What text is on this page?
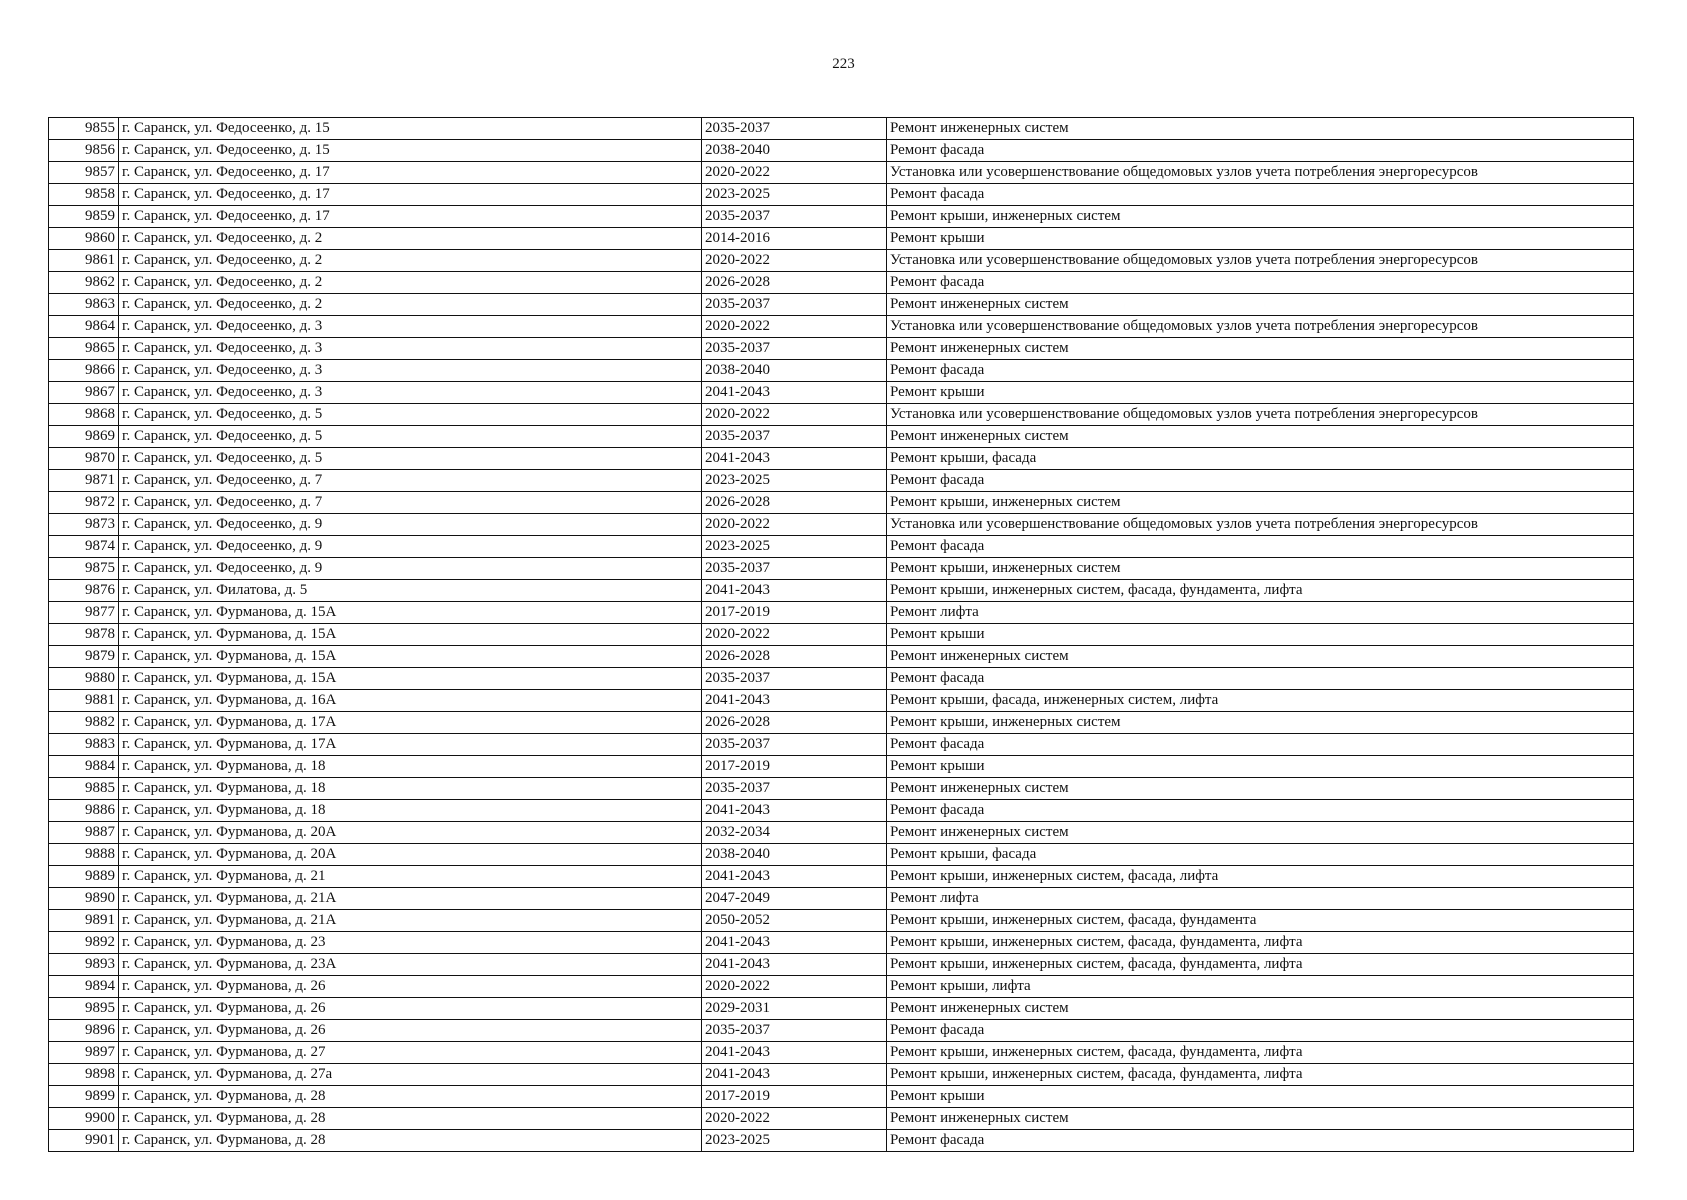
223
9855	г. Саранск, ул. Федосеенко, д. 15	2035-2037	Ремонт инженерных систем
9856	г. Саранск, ул. Федосеенко, д. 15	2038-2040	Ремонт фасада
9857	г. Саранск, ул. Федосеенко, д. 17	2020-2022	Установка или усовершенствование общедомовых узлов учета потребления энергоресурсов
9858	г. Саранск, ул. Федосеенко, д. 17	2023-2025	Ремонт фасада
9859	г. Саранск, ул. Федосеенко, д. 17	2035-2037	Ремонт крыши, инженерных систем
9860	г. Саранск, ул. Федосеенко, д. 2	2014-2016	Ремонт крыши
9861	г. Саранск, ул. Федосеенко, д. 2	2020-2022	Установка или усовершенствование общедомовых узлов учета потребления энергоресурсов
9862	г. Саранск, ул. Федосеенко, д. 2	2026-2028	Ремонт фасада
9863	г. Саранск, ул. Федосеенко, д. 2	2035-2037	Ремонт инженерных систем
9864	г. Саранск, ул. Федосеенко, д. 3	2020-2022	Установка или усовершенствование общедомовых узлов учета потребления энергоресурсов
9865	г. Саранск, ул. Федосеенко, д. 3	2035-2037	Ремонт инженерных систем
9866	г. Саранск, ул. Федосеенко, д. 3	2038-2040	Ремонт фасада
9867	г. Саранск, ул. Федосеенко, д. 3	2041-2043	Ремонт крыши
9868	г. Саранск, ул. Федосеенко, д. 5	2020-2022	Установка или усовершенствование общедомовых узлов учета потребления энергоресурсов
9869	г. Саранск, ул. Федосеенко, д. 5	2035-2037	Ремонт инженерных систем
9870	г. Саранск, ул. Федосеенко, д. 5	2041-2043	Ремонт крыши, фасада
9871	г. Саранск, ул. Федосеенко, д. 7	2023-2025	Ремонт фасада
9872	г. Саранск, ул. Федосеенко, д. 7	2026-2028	Ремонт крыши, инженерных систем
9873	г. Саранск, ул. Федосеенко, д. 9	2020-2022	Установка или усовершенствование общедомовых узлов учета потребления энергоресурсов
9874	г. Саранск, ул. Федосеенко, д. 9	2023-2025	Ремонт фасада
9875	г. Саранск, ул. Федосеенко, д. 9	2035-2037	Ремонт крыши, инженерных систем
9876	г. Саранск, ул. Филатова, д. 5	2041-2043	Ремонт крыши, инженерных систем, фасада, фундамента, лифта
9877	г. Саранск, ул. Фурманова, д. 15А	2017-2019	Ремонт лифта
9878	г. Саранск, ул. Фурманова, д. 15А	2020-2022	Ремонт крыши
9879	г. Саранск, ул. Фурманова, д. 15А	2026-2028	Ремонт инженерных систем
9880	г. Саранск, ул. Фурманова, д. 15А	2035-2037	Ремонт фасада
9881	г. Саранск, ул. Фурманова, д. 16А	2041-2043	Ремонт крыши, фасада, инженерных систем, лифта
9882	г. Саранск, ул. Фурманова, д. 17А	2026-2028	Ремонт крыши, инженерных систем
9883	г. Саранск, ул. Фурманова, д. 17А	2035-2037	Ремонт фасада
9884	г. Саранск, ул. Фурманова, д. 18	2017-2019	Ремонт крыши
9885	г. Саранск, ул. Фурманова, д. 18	2035-2037	Ремонт инженерных систем
9886	г. Саранск, ул. Фурманова, д. 18	2041-2043	Ремонт фасада
9887	г. Саранск, ул. Фурманова, д. 20А	2032-2034	Ремонт инженерных систем
9888	г. Саранск, ул. Фурманова, д. 20А	2038-2040	Ремонт крыши, фасада
9889	г. Саранск, ул. Фурманова, д. 21	2041-2043	Ремонт крыши, инженерных систем, фасада, лифта
9890	г. Саранск, ул. Фурманова, д. 21А	2047-2049	Ремонт лифта
9891	г. Саранск, ул. Фурманова, д. 21А	2050-2052	Ремонт крыши, инженерных систем, фасада, фундамента
9892	г. Саранск, ул. Фурманова, д. 23	2041-2043	Ремонт крыши, инженерных систем, фасада, фундамента, лифта
9893	г. Саранск, ул. Фурманова, д. 23А	2041-2043	Ремонт крыши, инженерных систем, фасада, фундамента, лифта
9894	г. Саранск, ул. Фурманова, д. 26	2020-2022	Ремонт крыши, лифта
9895	г. Саранск, ул. Фурманова, д. 26	2029-2031	Ремонт инженерных систем
9896	г. Саранск, ул. Фурманова, д. 26	2035-2037	Ремонт фасада
9897	г. Саранск, ул. Фурманова, д. 27	2041-2043	Ремонт крыши, инженерных систем, фасада, фундамента, лифта
9898	г. Саранск, ул. Фурманова, д. 27а	2041-2043	Ремонт крыши, инженерных систем, фасада, фундамента, лифта
9899	г. Саранск, ул. Фурманова, д. 28	2017-2019	Ремонт крыши
9900	г. Саранск, ул. Фурманова, д. 28	2020-2022	Ремонт инженерных систем
9901	г. Саранск, ул. Фурманова, д. 28	2023-2025	Ремонт фасада
